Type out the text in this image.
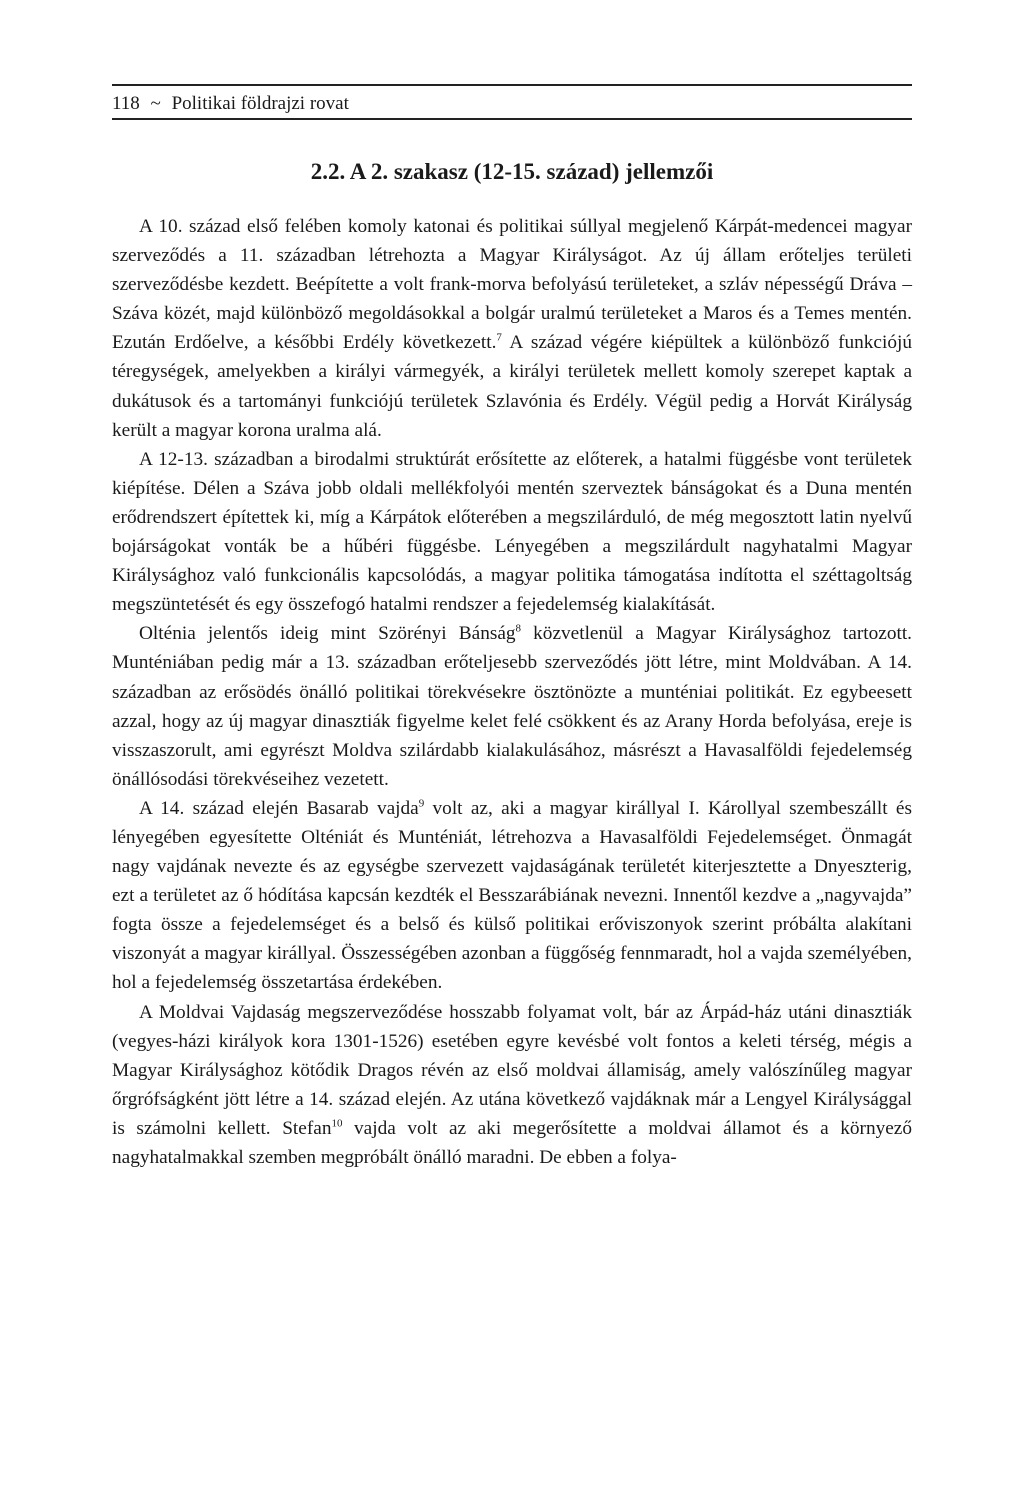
118 ~ Politikai földrajzi rovat
2.2. A 2. szakasz (12-15. század) jellemzői

A 10. század első felében komoly katonai és politikai súllyal megjelenő Kárpát-medencei magyar szerveződés a 11. században létrehozta a Magyar Királyságot. Az új állam erőteljes területi szerveződésbe kezdett. Beépítette a volt frank-morva befolyású területeket, a szláv népességű Dráva – Száva közét, majd különböző megoldásokkal a bolgár uralmú területeket a Maros és a Temes mentén. Ezután Erdőelve, a későbbi Erdély következett.$^7$ A század végére kiépültek a különböző funkciójú téregységek, amelyekben a királyi vármegyék, a királyi területek mellett komoly szerepet kaptak a dukátusok és a tartományi funkciójú területek Szlavónia és Erdély. Végül pedig a Horvát Királyság került a magyar korona uralma alá.

A 12-13. században a birodalmi struktúrát erősítette az előterek, a hatalmi függésbe vont területek kiépítése. Délen a Száva jobb oldali mellékfolyói mentén szerveztek bánságokat és a Duna mentén erődrendszert építettek ki, míg a Kárpátok előterében a megszilárduló, de még megosztott latin nyelvű bojárságokat vonták be a hűbéri függésbe. Lényegében a megszilárdult nagyhatalmi Magyar Királysághoz való funkcionális kapcsolódás, a magyar politika támogatása indította el széttagoltság megszüntetését és egy összefogó hatalmi rendszer a fejedelemség kialakítását.

Olténia jelentős ideig mint Szörényi Bánság$^8$ közvetlenül a Magyar Királysághoz tartozott. Munténiában pedig már a 13. században erőteljesebb szerveződés jött létre, mint Moldvában. A 14. században az erősödés önálló politikai törekvésekre ösztönözte a munténiai politikát. Ez egybeesett azzal, hogy az új magyar dinasztiák figyelme kelet felé csökkent és az Arany Horda befolyása, ereje is visszaszorult, ami egyrészt Moldva szilárdabb kialakulásához, másrészt a Havasalföldi fejedelemség önállósodási törekvéseihez vezetett.

A 14. század elején Basarab vajda$^9$ volt az, aki a magyar királlyal I. Károllyal szembeszállt és lényegében egyesítette Olténiát és Munténiát, létrehozva a Havasalföldi Fejedelemséget. Önmagát nagy vajdának nevezte és az egységbe szervezett vajdaságának területét kiterjesztette a Dnyeszterig, ezt a területet az ő hódítása kapcsán kezdték el Besszarábiának nevezni. Innentől kezdve a „nagyvajda” fogta össze a fejedelemséget és a belső és külső politikai erőviszonyok szerint próbálta alakítani viszonyát a magyar királlyal. Összességében azonban a függőség fennmaradt, hol a vajda személyében, hol a fejedelemség összetartása érdekében.

A Moldvai Vajdaság megszerveződése hosszabb folyamat volt, bár az Árpád-ház utáni dinasztiák (vegyes-házi királyok kora 1301-1526) esetében egyre kevésbé volt fontos a keleti térség, mégis a Magyar Királysághoz kötődik Dragos révén az első moldvai államiság, amely valószínűleg magyar őrgrófságként jött létre a 14. század elején. Az utána következő vajdáknak már a Lengyel Királysággal is számolni kellett. Stefan$^{10}$ vajda volt az aki megerősítette a moldvai államot és a környező nagyhatalmakkal szemben megpróbált önálló maradni. De ebben a folya-
